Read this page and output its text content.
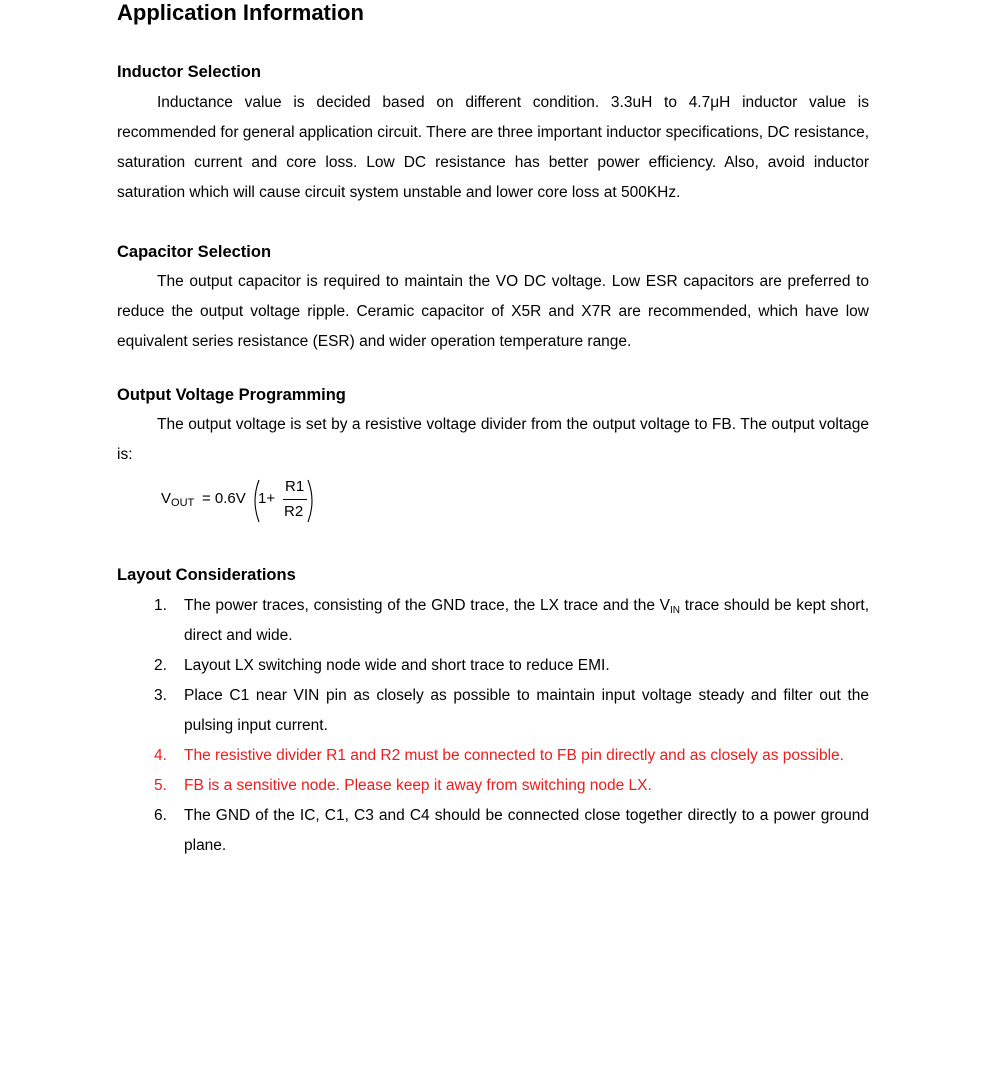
Application Information
Inductor Selection
Inductance value is decided based on different condition. 3.3uH to 4.7μH inductor value is recommended for general application circuit. There are three important inductor specifications, DC resistance, saturation current and core loss. Low DC resistance has better power efficiency. Also, avoid inductor saturation which will cause circuit system unstable and lower core loss at 500KHz.
Capacitor Selection
The output capacitor is required to maintain the VO DC voltage. Low ESR capacitors are preferred to reduce the output voltage ripple. Ceramic capacitor of X5R and X7R are recommended, which have low equivalent series resistance (ESR) and wider operation temperature range.
Output Voltage Programming
The output voltage is set by a resistive voltage divider from the output voltage to FB. The output voltage is:
$V_{OUT} = 0.6V$ 1+
R1
R2
Layout Considerations
1. The power traces, consisting of the GND trace, the LX trace and the $V_{IN}$ trace should be kept short, direct and wide.
2. Layout LX switching node wide and short trace to reduce EMI.
3. Place C1 near VIN pin as closely as possible to maintain input voltage steady and filter out the pulsing input current.
4. The resistive divider R1 and R2 must be connected to FB pin directly and as closely as possible.
5. FB is a sensitive node. Please keep it away from switching node LX.
6. The GND of the IC, C1, C3 and C4 should be connected close together directly to a power ground plane.
